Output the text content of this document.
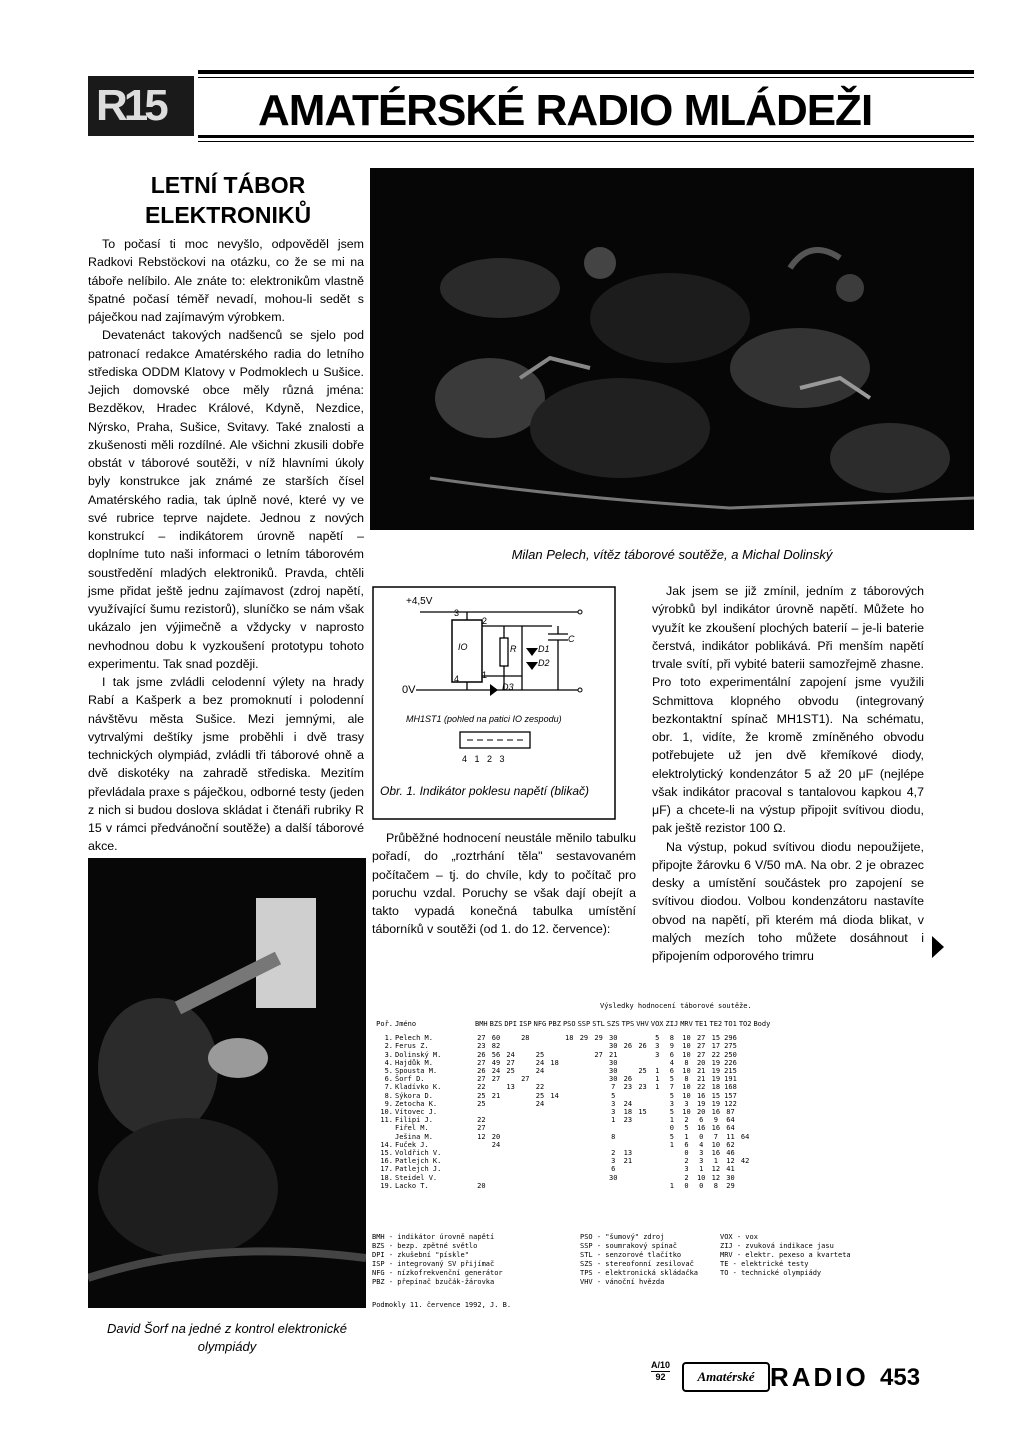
R15 AMATÉRSKÉ RADIO MLÁDEŽI
LETNÍ TÁBOR
ELEKTRONIKŮ

To počasí ti moc nevyšlo, odpověděl jsem Radkovi Rebstöckovi na otázku, co že se mi na táboře nelíbilo. Ale znáte to: elektronikům vlastně špatné počasí téměř nevadí, mohou-li sedět s páječkou nad zajímavým výrobkem.

Devatenáct takových nadšenců se sjelo pod patronací redakce Amatérského radia do letního střediska ODDM Klatovy v Podmoklech u Sušice. Jejich domovské obce měly různá jména: Bezděkov, Hradec Králové, Kdyně, Nezdice, Nýrsko, Praha, Sušice, Svitavy. Také znalosti a zkušenosti měli rozdílné. Ale všichni zkusili dobře obstát v táborové soutěži, v níž hlavními úkoly byly konstrukce jak známé ze starších čísel Amatérského radia, tak úplně nové, které vy ve své rubrice teprve najdete. Jednou z nových konstrukcí – indikátorem úrovně napětí – doplníme tuto naši informaci o letním táborovém soustředění mladých elektroniků. Pravda, chtěli jsme přidat ještě jednu zajímavost (zdroj napětí, využívající šumu rezistorů), sluníčko se nám však ukázalo jen výjimečně a vždycky v naprosto nevhodnou dobu k vyzkoušení prototypu tohoto experimentu. Tak snad později.

I tak jsme zvládli celodenní výlety na hrady Rabí a Kašperk a bez promoknutí i polodenní návštěvu města Sušice. Mezi jemnými, ale vytrvalými deštíky jsme proběhli i dvě trasy technických olympiád, zvládli tři táborové ohně a dvě diskotéky na zahradě střediska. Mezitím převládala praxe s páječkou, odborné testy (jeden z nich si budou doslova skládat i čtenáři rubriky R 15 v rámci předvánoční soutěže) a další táborové akce.

Milan Pelech, vítěz táborové soutěže, a Michal Dolinský
+4,5V
0V
IO	R
C
D1
D2
D3
3
2
4	1
MH1ST1 (pohled na patici IO zespodu)
4   1   2   3
Obr. 1. Indikátor poklesu napětí (blikač)

Průběžné hodnocení neustále měnilo tabulku pořadí, do „roztrhání těla" sestavovaném počítačem – tj. do chvíle, kdy to počítač pro poruchu vzdal. Poruchy se však dají obejít a takto vypadá konečná tabulka umístění táborníků v soutěži (od 1. do 12. července):

Jak jsem se již zmínil, jedním z táborových výrobků byl indikátor úrovně napětí. Můžete ho využít ke zkoušení plochých baterií – je-li baterie čerstvá, indikátor poblikává. Při menším napětí trvale svítí, při vybité baterii samozřejmě zhasne. Pro toto experimentální zapojení jsme využili Schmittova klopného obvodu (integrovaný bezkontaktní spínač MH1ST1). Na schématu, obr. 1, vidíte, že kromě zmíněného obvodu potřebujete už jen dvě křemíkové diody, elektrolytický kondenzátor 5 až 20 μF (nejlépe však indikátor pracoval s tantalovou kapkou 4,7 μF) a chcete-li na výstup připojit svítivou diodu, pak ještě rezistor 100 Ω.

Na výstup, pokud svítivou diodu nepoužijete, připojte žárovku 6 V/50 mA. Na obr. 2 je obrazec desky a umístění součástek pro zapojení se svítivou diodou. Volbou kondenzátoru nastavíte obvod na napětí, při kterém má dioda blikat, v malých mezích toho můžete dosáhnout i připojením odporového trimru

David Šorf na jedné z kontrol elektronické
olympiády
Výsledky hodnocení táborové soutěže.
Poř.	Jméno	BMH	BZS	DPI	ISP	NFG	PBZ	PSO	SSP	STL	SZS	TPS	VHV	VOX	ZIJ	MRV	TE1	TE2	TO1	TO2	Body
1.	Pelech M.	27	60		28			18	29	29	30			5	8	10	27	15	296		
2.	Ferus Z.	23	82								30	26	26	3	9	10	27	17	275		
3.	Dolinský M.	26	56	24		25				27	21			3	6	10	27	22	250		
4.	Hajdůk M.	27	49	27		24	18				30				4	8	20	19	226		
5.	Spousta M.	26	24	25		24					30		25	1	6	10	21	19	215		
6.	Šorf D.	27	27		27						30	26		1	5	8	21	19	191		
7.	Kladívko K.	22		13		22					7	23	23	1	7	10	22	18	168		
8.	Sýkora D.	25	21			25	14				5				5	10	16	15	157		
9.	Zetocha K.	25				24					3	24			3	3	19	19	122		
10.	Vítovec J.										3	18	15		5	10	20	16	87		
11.	Filipi J.	22									1	23			1	2	6	9	64		
	Fiřel M.	27													0	5	16	16	64		
	Ješina M.	12	20								8				5	1	0	7	11	64	
14.	Fuček J.		24												1	6	4	10	62		
15.	Voldřich V.										2	13				0	3	16	46		
16.	Patlejch K.										3	21				2	3	1	12	42	
17.	Patlejch J.										6					3	1	12	41		
18.	Steidel V.										30					2	10	12	30		
19.	Lacko T.	20													1	0	0	8	29		
BMH - indikátor úrovně napětí
BZS - bezp. zpětné světlo
DPI - zkušební "pískle"
ISP - integrovaný SV přijímač
NFG - nízkofrekvenční generátor
PBZ - přepínač bzučák-žárovka
PSO - "šumový" zdroj
SSP - soumrakový spínač
STL - senzorové tlačítko
SZS - stereofonní zesilovač
TPS - elektronická skládačka
VHV - vánoční hvězda
VOX - vox
ZIJ - zvuková indikace jasu
MRV - elektr. pexeso a kvarteta
TE - elektrické testy
TO - technické olympiády
Podmokly 11. července 1992, J. B.
A/10
92	Amatérské RADIO 453
